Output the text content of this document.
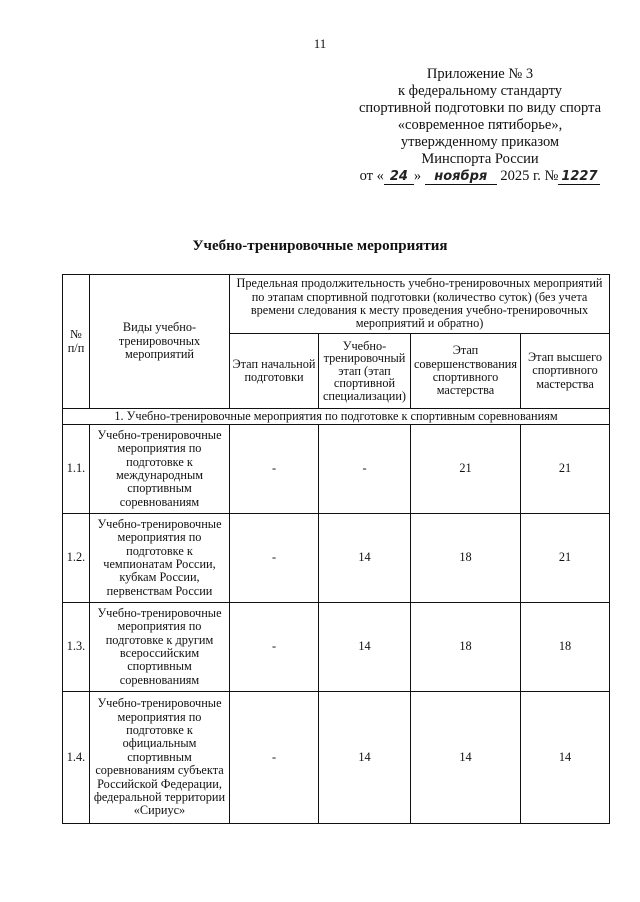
11
Приложение № 3
к федеральному стандарту
спортивной подготовки по виду спорта
«современное пятиборье»,
утвержденному приказом
Минспорта России
от « 24 » ноября 2025 г. № 1227
Учебно-тренировочные мероприятия
№ п/п	Виды учебно-тренировочных мероприятий	Предельная продолжительность учебно-тренировочных мероприятий по этапам спортивной подготовки (количество суток) (без учета времени следования к месту проведения учебно-тренировочных мероприятий и обратно)			
		Этап начальной подготовки	Учебно-тренировочный этап (этап спортивной специализации)	Этап совершенствования спортивного мастерства	Этап высшего спортивного мастерства
1. Учебно-тренировочные мероприятия по подготовке к спортивным соревнованиям					
1.1.	Учебно-тренировочные мероприятия по подготовке к международным спортивным соревнованиям	-	-	21	21
1.2.	Учебно-тренировочные мероприятия по подготовке к чемпионатам России, кубкам России, первенствам России	-	14	18	21
1.3.	Учебно-тренировочные мероприятия по подготовке к другим всероссийским спортивным соревнованиям	-	14	18	18
1.4.	Учебно-тренировочные мероприятия по подготовке к официальным спортивным соревнованиям субъекта Российской Федерации, федеральной территории «Сириус»	-	14	14	14
